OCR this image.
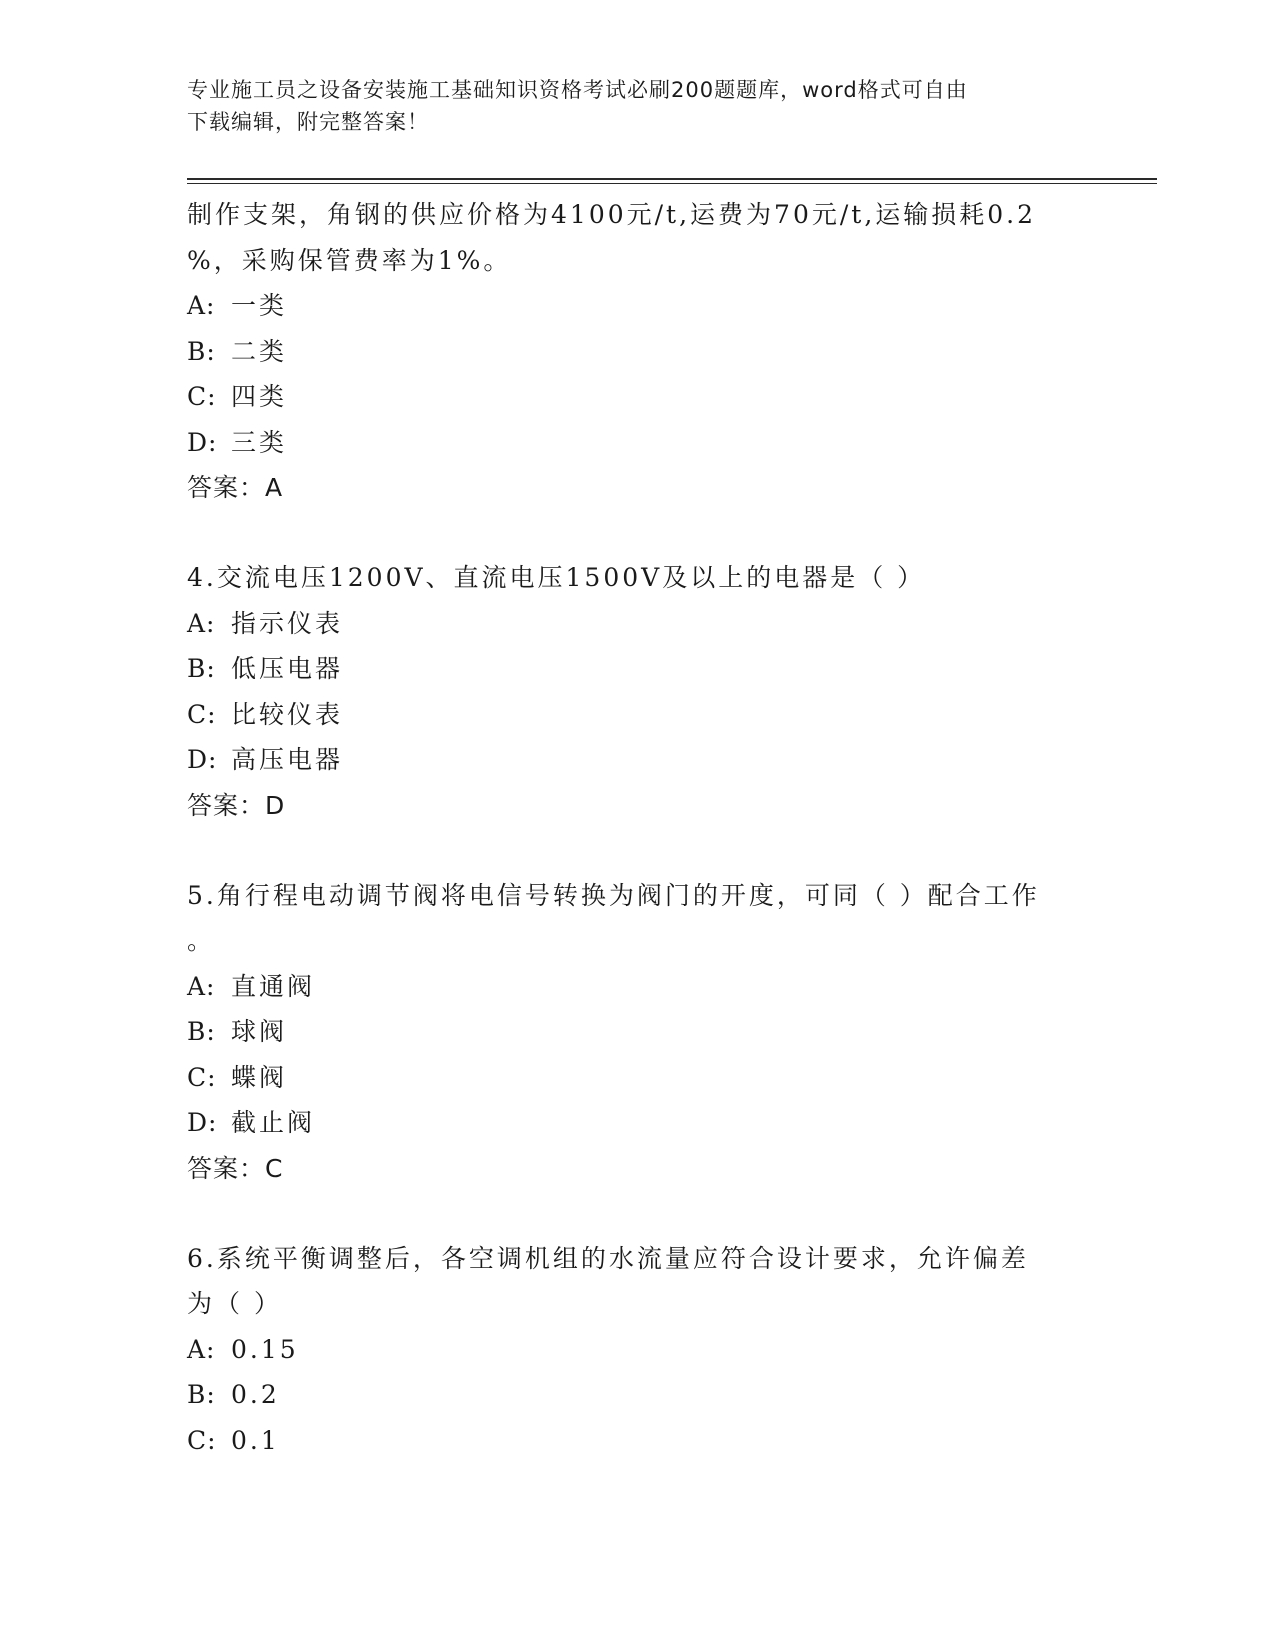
专业施工员之设备安装施工基础知识资格考试必刷200题题库，word格式可自由
下载编辑，附完整答案！
制作支架，角钢的供应价格为4100元/t,运费为70元/t,运输损耗0.2
%，采购保管费率为1%。
A: 一类
B: 二类
C: 四类
D: 三类
答案：A
4.交流电压1200V、直流电压1500V及以上的电器是（ ）
A: 指示仪表
B: 低压电器
C: 比较仪表
D: 高压电器
答案：D
5.角行程电动调节阀将电信号转换为阀门的开度，可同（ ）配合工作
。
A: 直通阀
B: 球阀
C: 蝶阀
D: 截止阀
答案：C
6.系统平衡调整后，各空调机组的水流量应符合设计要求，允许偏差
为（ ）
A: 0.15
B: 0.2
C: 0.1
